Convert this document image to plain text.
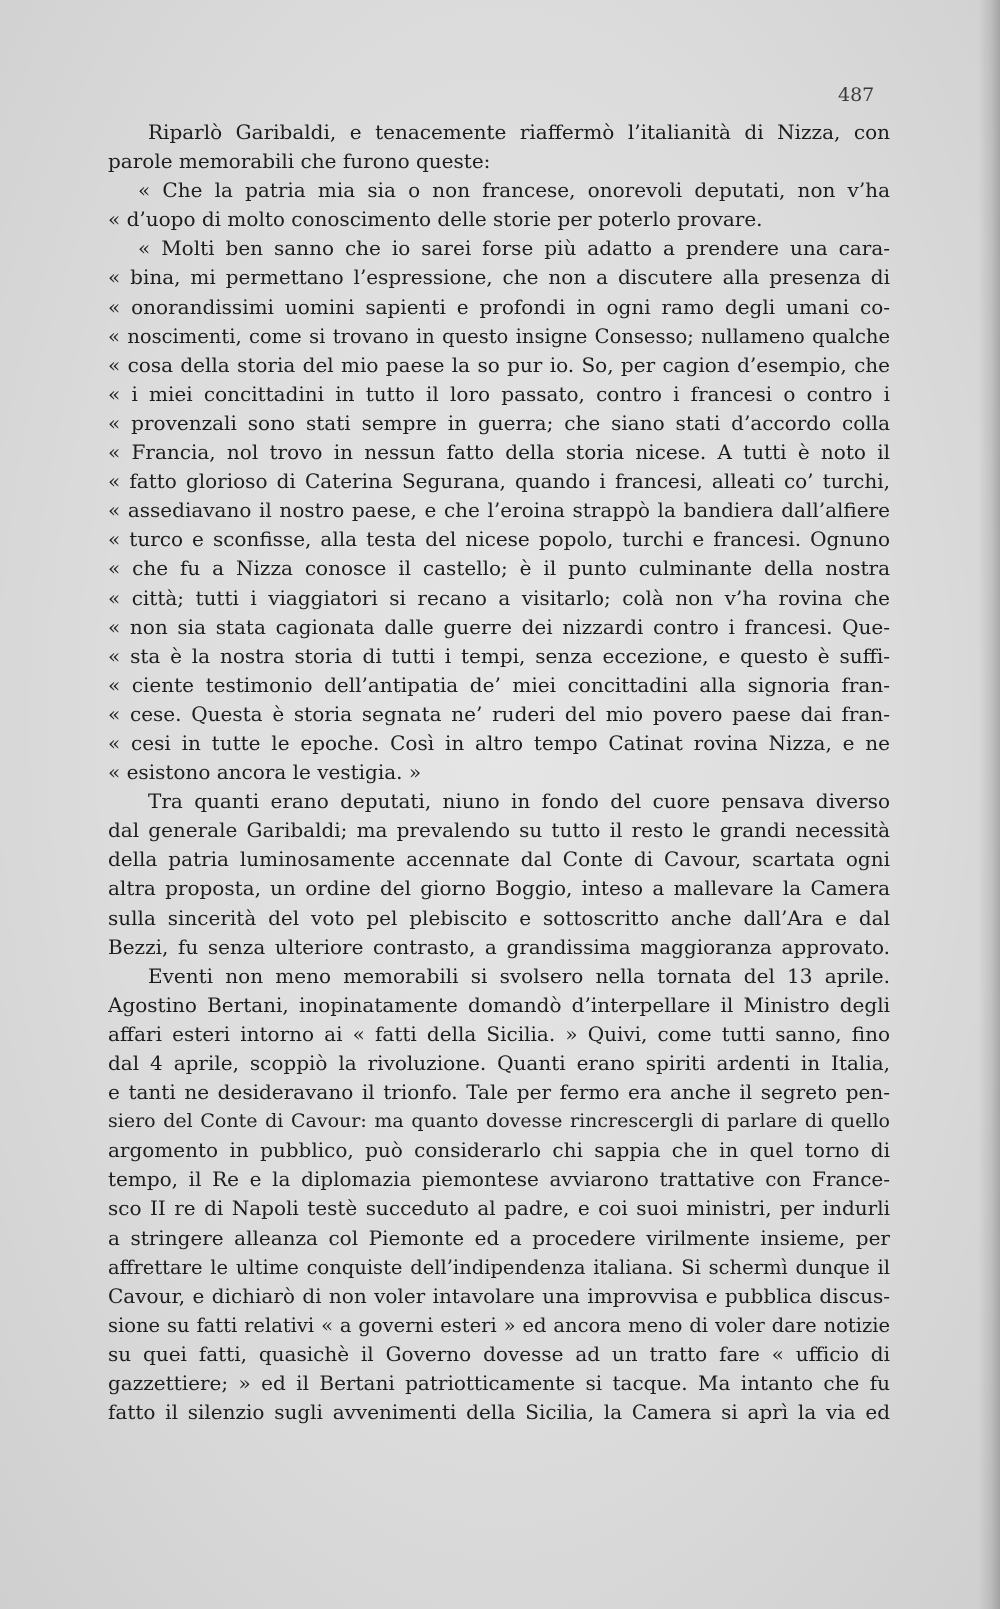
487

Riparlò Garibaldi, e tenacemente riaffermò l’italianità di Nizza, con
parole memorabili che furono queste:
« Che la patria mia sia o non francese, onorevoli deputati, non v’ha
« d’uopo di molto conoscimento delle storie per poterlo provare.
« Molti ben sanno che io sarei forse più adatto a prendere una cara-
« bina, mi permettano l’espressione, che non a discutere alla presenza di
« onorandissimi uomini sapienti e profondi in ogni ramo degli umani co-
« noscimenti, come si trovano in questo insigne Consesso; nullameno qualche
« cosa della storia del mio paese la so pur io. So, per cagion d’esempio, che
« i miei concittadini in tutto il loro passato, contro i francesi o contro i
« provenzali sono stati sempre in guerra; che siano stati d’accordo colla
« Francia, nol trovo in nessun fatto della storia nicese. A tutti è noto il
« fatto glorioso di Caterina Segurana, quando i francesi, alleati co’ turchi,
« assediavano il nostro paese, e che l’eroina strappò la bandiera dall’alfiere
« turco e sconfisse, alla testa del nicese popolo, turchi e francesi. Ognuno
« che fu a Nizza conosce il castello; è il punto culminante della nostra
« città; tutti i viaggiatori si recano a visitarlo; colà non v’ha rovina che
« non sia stata cagionata dalle guerre dei nizzardi contro i francesi. Que-
« sta è la nostra storia di tutti i tempi, senza eccezione, e questo è suffi-
« ciente testimonio dell’antipatia de’ miei concittadini alla signoria fran-
« cese. Questa è storia segnata ne’ ruderi del mio povero paese dai fran-
« cesi in tutte le epoche. Così in altro tempo Catinat rovina Nizza, e ne
« esistono ancora le vestigia. »
Tra quanti erano deputati, niuno in fondo del cuore pensava diverso
dal generale Garibaldi; ma prevalendo su tutto il resto le grandi necessità
della patria luminosamente accennate dal Conte di Cavour, scartata ogni
altra proposta, un ordine del giorno Boggio, inteso a mallevare la Camera
sulla sincerità del voto pel plebiscito e sottoscritto anche dall’Ara e dal
Bezzi, fu senza ulteriore contrasto, a grandissima maggioranza approvato.
Eventi non meno memorabili si svolsero nella tornata del 13 aprile.
Agostino Bertani, inopinatamente domandò d’interpellare il Ministro degli
affari esteri intorno ai « fatti della Sicilia. » Quivi, come tutti sanno, fino
dal 4 aprile, scoppiò la rivoluzione. Quanti erano spiriti ardenti in Italia,
e tanti ne desideravano il trionfo. Tale per fermo era anche il segreto pen-
siero del Conte di Cavour: ma quanto dovesse rincrescergli di parlare di quello
argomento in pubblico, può considerarlo chi sappia che in quel torno di
tempo, il Re e la diplomazia piemontese avviarono trattative con France-
sco II re di Napoli testè succeduto al padre, e coi suoi ministri, per indurli
a stringere alleanza col Piemonte ed a procedere virilmente insieme, per
affrettare le ultime conquiste dell’indipendenza italiana. Si schermì dunque il
Cavour, e dichiarò di non voler intavolare una improvvisa e pubblica discus-
sione su fatti relativi « a governi esteri » ed ancora meno di voler dare notizie
su quei fatti, quasichè il Governo dovesse ad un tratto fare « ufficio di
gazzettiere; » ed il Bertani patriotticamente si tacque. Ma intanto che fu
fatto il silenzio sugli avvenimenti della Sicilia, la Camera si aprì la via ed
